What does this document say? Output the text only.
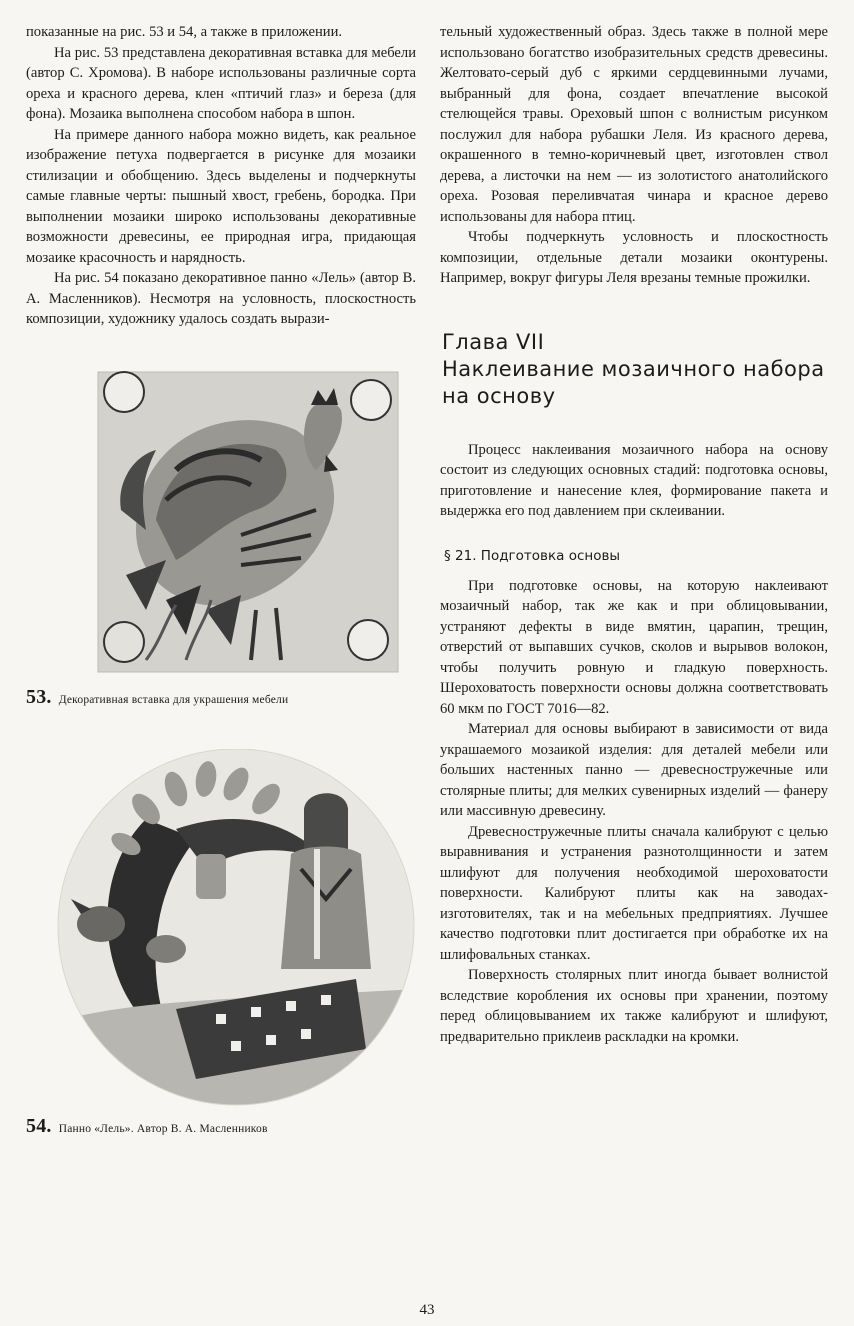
показанные на рис. 53 и 54, а также в приложении.

На рис. 53 представлена декоративная вставка для мебели (автор С. Хромова). В наборе использованы различные сорта ореха и красного дерева, клен «птичий глаз» и береза (для фона). Мозаика выполнена способом набора в шпон.

На примере данного набора можно видеть, как реальное изображение петуха подвергается в рисунке для мозаики стилизации и обобщению. Здесь выделены и подчеркнуты самые главные черты: пышный хвост, гребень, бородка. При выполнении мозаики широко использованы декоративные возможности древесины, ее природная игра, придающая мозаике красочность и нарядность.

На рис. 54 показано декоративное панно «Лель» (автор В. А. Масленников). Несмотря на условность, плоскостность композиции, художнику удалось создать вырази-

53. Декоративная вставка для украшения мебели
54. Панно «Лель». Автор В. А. Масленников

тельный художественный образ. Здесь также в полной мере использовано богатство изобразительных средств древесины. Желтовато-серый дуб с яркими сердцевинными лучами, выбранный для фона, создает впечатление высокой стелющейся травы. Ореховый шпон с волнистым рисунком послужил для набора рубашки Леля. Из красного дерева, окрашенного в темно-коричневый цвет, изготовлен ствол дерева, а листочки на нем — из золотистого анатолийского ореха. Розовая переливчатая чинара и красное дерево использованы для набора птиц.

Чтобы подчеркнуть условность и плоскостность композиции, отдельные детали мозаики оконтурены. Например, вокруг фигуры Леля врезаны темные прожилки.

Глава VII
Наклеивание мозаичного набора на основу

Процесс наклеивания мозаичного набора на основу состоит из следующих основных стадий: подготовка основы, приготовление и нанесение клея, формирование пакета и выдержка его под давлением при склеивании.

§ 21. Подготовка основы

При подготовке основы, на которую наклеивают мозаичный набор, так же как и при облицовывании, устраняют дефекты в виде вмятин, царапин, трещин, отверстий от выпавших сучков, сколов и вырывов волокон, чтобы получить ровную и гладкую поверхность. Шероховатость поверхности основы должна соответствовать 60 мкм по ГОСТ 7016—82.

Материал для основы выбирают в зависимости от вида украшаемого мозаикой изделия: для деталей мебели или больших настенных панно — древесностружечные или столярные плиты; для мелких сувенирных изделий — фанеру или массивную древесину.

Древесностружечные плиты сначала калибруют с целью выравнивания и устранения разнотолщинности и затем шлифуют для получения необходимой шероховатости поверхности. Калибруют плиты как на заводах-изготовителях, так и на мебельных предприятиях. Лучшее качество подготовки плит достигается при обработке их на шлифовальных станках.

Поверхность столярных плит иногда бывает волнистой вследствие коробления их основы при хранении, поэтому перед облицовыванием их также калибруют и шлифуют, предварительно приклеив раскладки на кромки.

43
